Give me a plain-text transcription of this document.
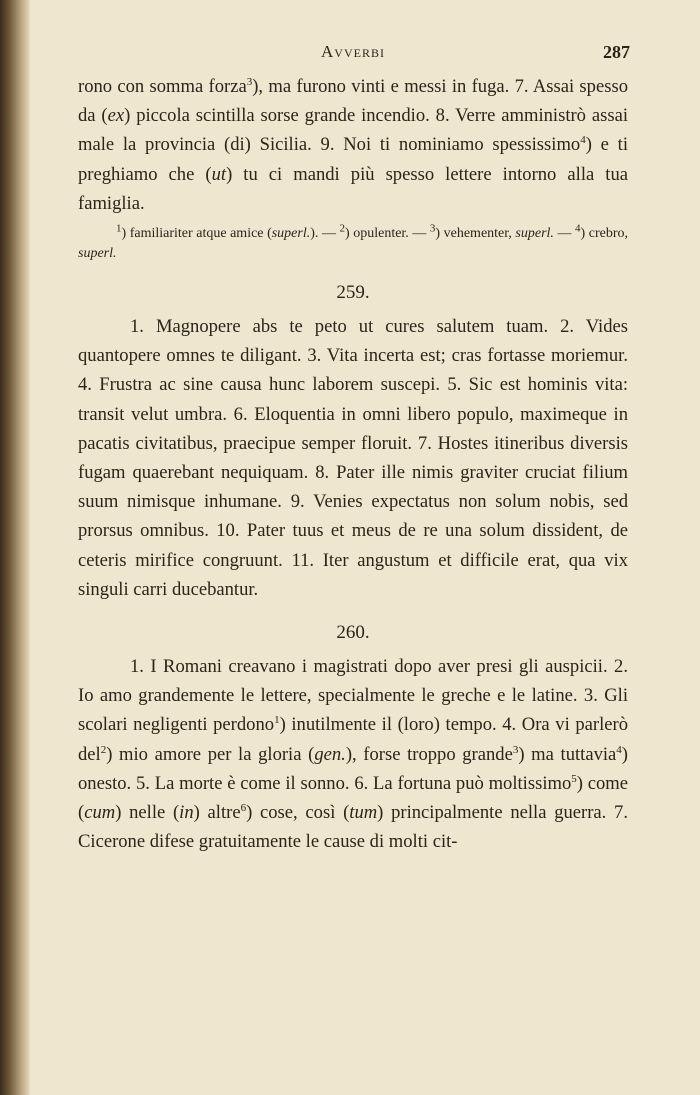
Avverbi	287

rono con somma forza$^3$), ma furono vinti e messi in fuga. 7. Assai spesso da (ex) piccola scintilla sorse grande incendio. 8. Verre amministrò assai male la provincia (di) Sicilia. 9. Noi ti nominiamo spessissimo$^4$) e ti preghiamo che (ut) tu ci mandi più spesso lettere intorno alla tua famiglia.

$^1$) familiariter atque amice (superl.). — $^2$) opulenter. — $^3$) vehementer, superl. — $^4$) crebro, superl.
259.

1. Magnopere abs te peto ut cures salutem tuam. 2. Vides quantopere omnes te diligant. 3. Vita incerta est; cras fortasse moriemur. 4. Frustra ac sine causa hunc laborem suscepi. 5. Sic est hominis vita: transit velut umbra. 6. Eloquentia in omni libero populo, maximeque in pacatis civitatibus, praecipue semper floruit. 7. Hostes itineribus diversis fugam quaerebant nequiquam. 8. Pater ille nimis graviter cruciat filium suum nimisque inhumane. 9. Venies expectatus non solum nobis, sed prorsus omnibus. 10. Pater tuus et meus de re una solum dissident, de ceteris mirifice congruunt. 11. Iter angustum et difficile erat, qua vix singuli carri ducebantur.

260.

1. I Romani creavano i magistrati dopo aver presi gli auspicii. 2. Io amo grandemente le lettere, specialmente le greche e le latine. 3. Gli scolari negligenti perdono$^1$) inutilmente il (loro) tempo. 4. Ora vi parlerò del$^2$) mio amore per la gloria (gen.), forse troppo grande$^3$) ma tuttavia$^4$) onesto. 5. La morte è come il sonno. 6. La fortuna può moltissimo$^5$) come (cum) nelle (in) altre$^6$) cose, così (tum) principalmente nella guerra. 7. Cicerone difese gratuitamente le cause di molti cit-
